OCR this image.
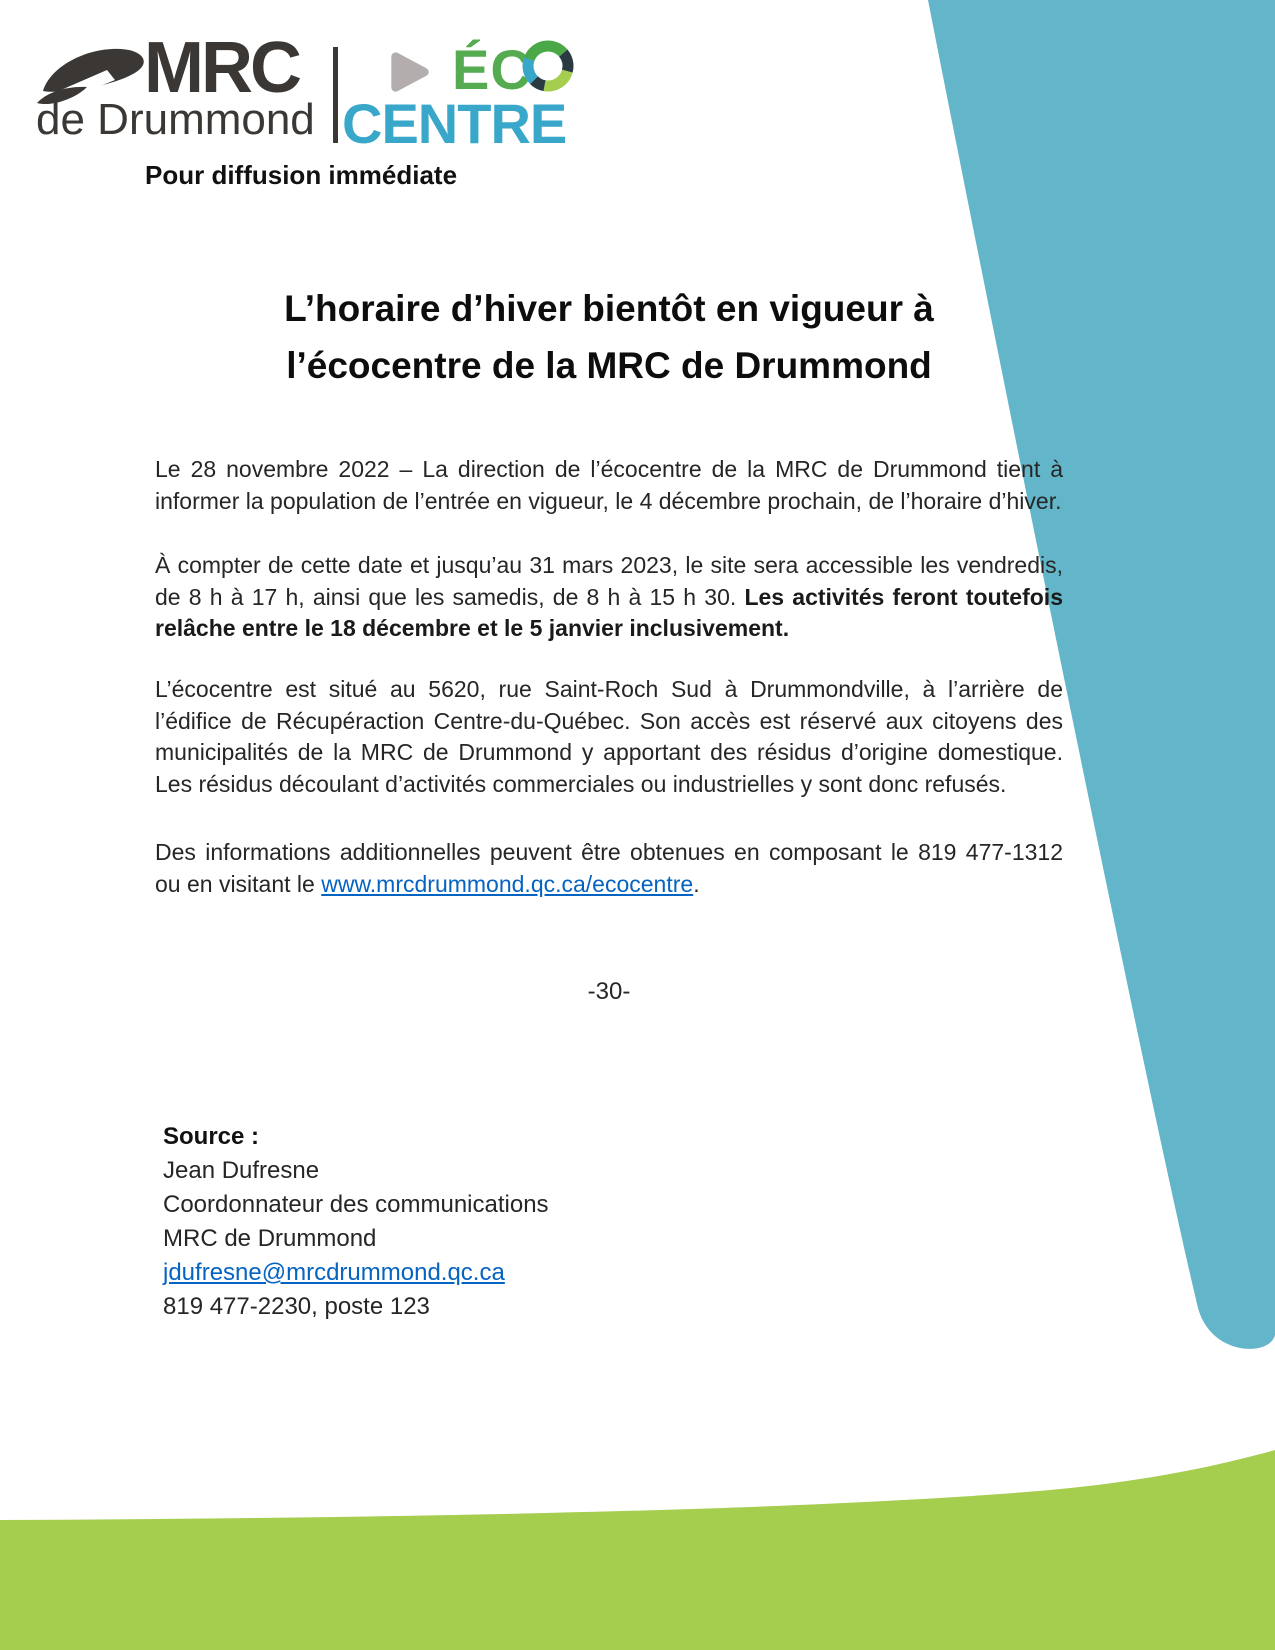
MRC
de Drummond
ÉC
CENTRE
Pour diffusion immédiate
L’horaire d’hiver bientôt en vigueur à
l’écocentre de la MRC de Drummond

Le 28 novembre 2022 – La direction de l’écocentre de la MRC de Drummond tient à informer la population de l’entrée en vigueur, le 4 décembre prochain, de l’horaire d’hiver.

À compter de cette date et jusqu’au 31 mars 2023, le site sera accessible les vendredis, de 8 h à 17 h, ainsi que les samedis, de 8 h à 15 h 30. Les activités feront toutefois relâche entre le 18 décembre et le 5 janvier inclusivement.

L’écocentre est situé au 5620, rue Saint-Roch Sud à Drummondville, à l’arrière de l’édifice de Récupéraction Centre-du-Québec. Son accès est réservé aux citoyens des municipalités de la MRC de Drummond y apportant des résidus d’origine domestique. Les résidus découlant d’activités commerciales ou industrielles y sont donc refusés.

Des informations additionnelles peuvent être obtenues en composant le 819 477-1312 ou en visitant le www.mrcdrummond.qc.ca/ecocentre.

-30-
Source :
Jean Dufresne
Coordonnateur des communications
MRC de Drummond
jdufresne@mrcdrummond.qc.ca
819 477-2230, poste 123
